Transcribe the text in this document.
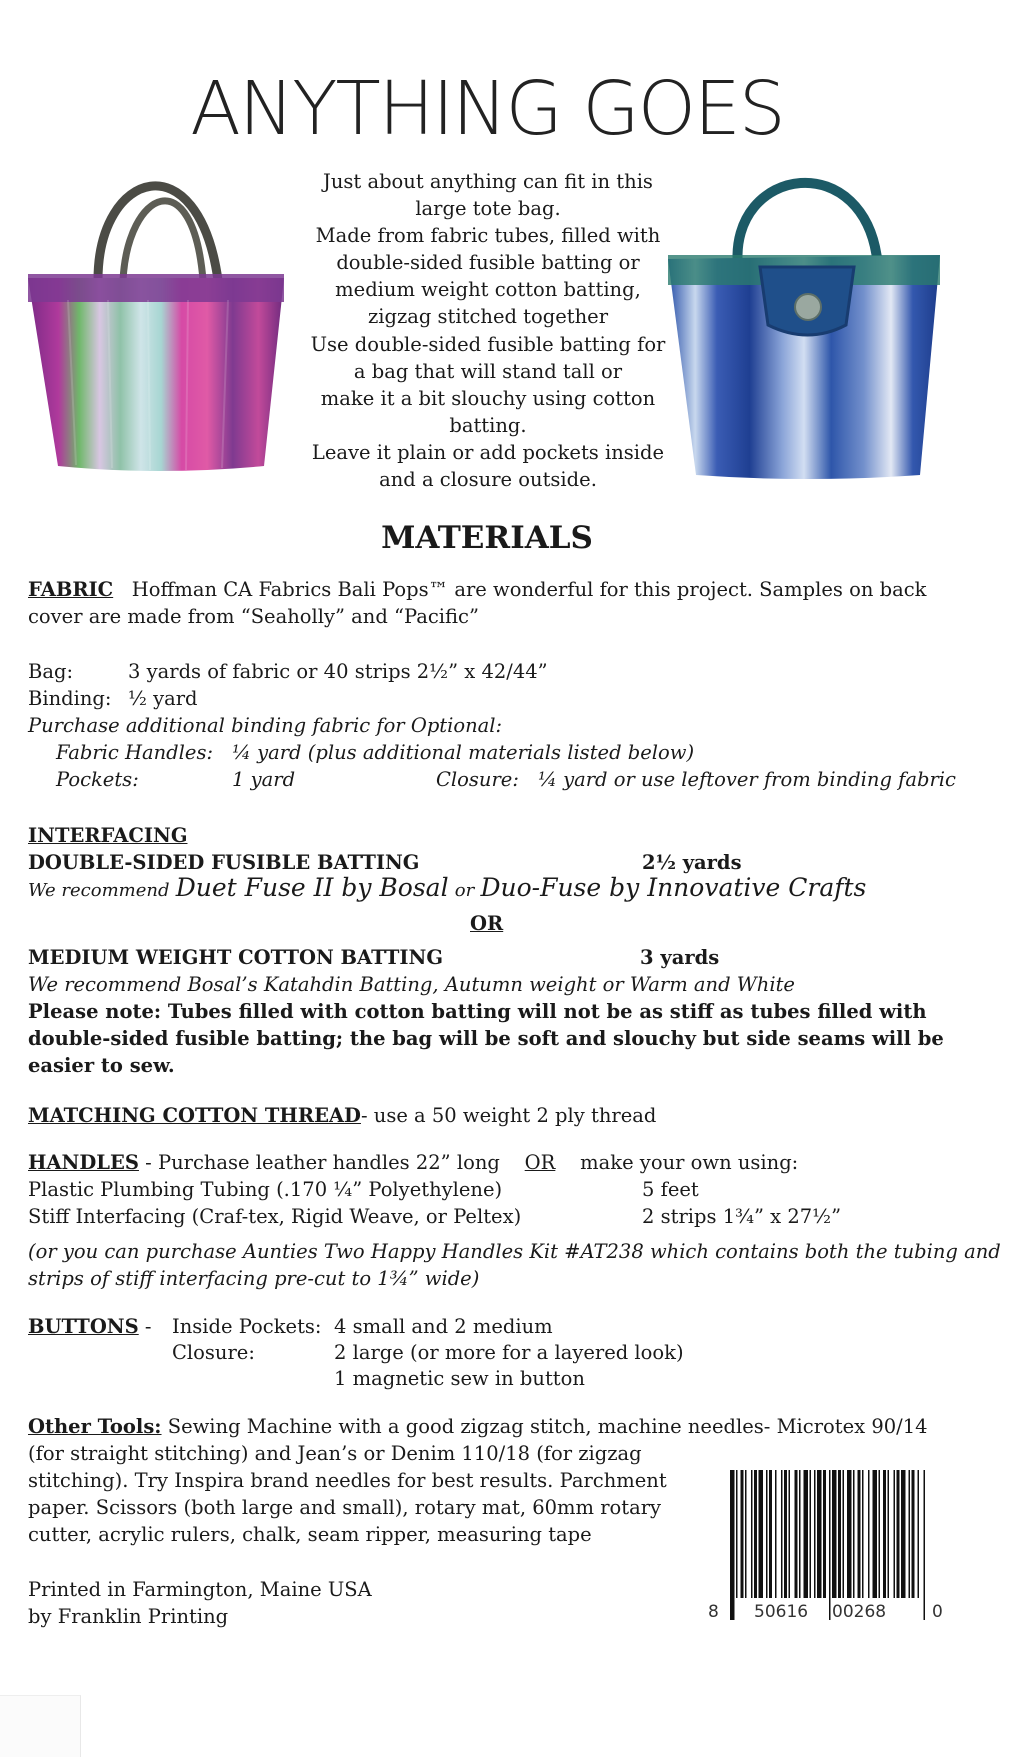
ANYTHING GOES
Just about anything can fit in this
large tote bag.
Made from fabric tubes, filled with
double-sided fusible batting or
medium weight cotton batting,
zigzag stitched together
Use double-sided fusible batting for
a bag that will stand tall or
make it a bit slouchy using cotton
batting.
Leave it plain or add pockets inside
and a closure outside.
MATERIALS
FABRIC Hoffman CA Fabrics Bali Pops™ are wonderful for this project. Samples on back
cover are made from “Seaholly” and “Pacific”
Bag:	3 yards of fabric or 40 strips 2½” x 42/44”
Binding: ½ yard
Purchase additional binding fabric for Optional:
Fabric Handles: ¼ yard (plus additional materials listed below)
Pockets:	1 yard	Closure: ¼ yard or use leftover from binding fabric
INTERFACING
DOUBLE-SIDED FUSIBLE BATTING	2½ yards
We recommend Duet Fuse II by Bosal or Duo-Fuse by Innovative Crafts
OR
MEDIUM WEIGHT COTTON BATTING	3 yards
We recommend Bosal’s Katahdin Batting, Autumn weight or Warm and White
Please note: Tubes filled with cotton batting will not be as stiff as tubes filled with
double-sided fusible batting; the bag will be soft and slouchy but side seams will be
easier to sew.
MATCHING COTTON THREAD- use a 50 weight 2 ply thread
HANDLES - Purchase leather handles 22” long OR make your own using:
Plastic Plumbing Tubing (.170 ¼” Polyethylene)	5 feet
Stiff Interfacing (Craf-tex, Rigid Weave, or Peltex)	2 strips 1¾” x 27½”
(or you can purchase Aunties Two Happy Handles Kit #AT238 which contains both the tubing and
strips of stiff interfacing pre-cut to 1¾” wide)
BUTTONS - Inside Pockets: 4 small and 2 medium
Closure:	2 large (or more for a layered look)
1 magnetic sew in button
Other Tools: Sewing Machine with a good zigzag stitch, machine needles- Microtex 90/14
(for straight stitching) and Jean’s or Denim 110/18 (for zigzag
stitching). Try Inspira brand needles for best results. Parchment
paper. Scissors (both large and small), rotary mat, 60mm rotary
cutter, acrylic rulers, chalk, seam ripper, measuring tape
Printed in Farmington, Maine USA
by Franklin Printing	8 50616 00268	0
